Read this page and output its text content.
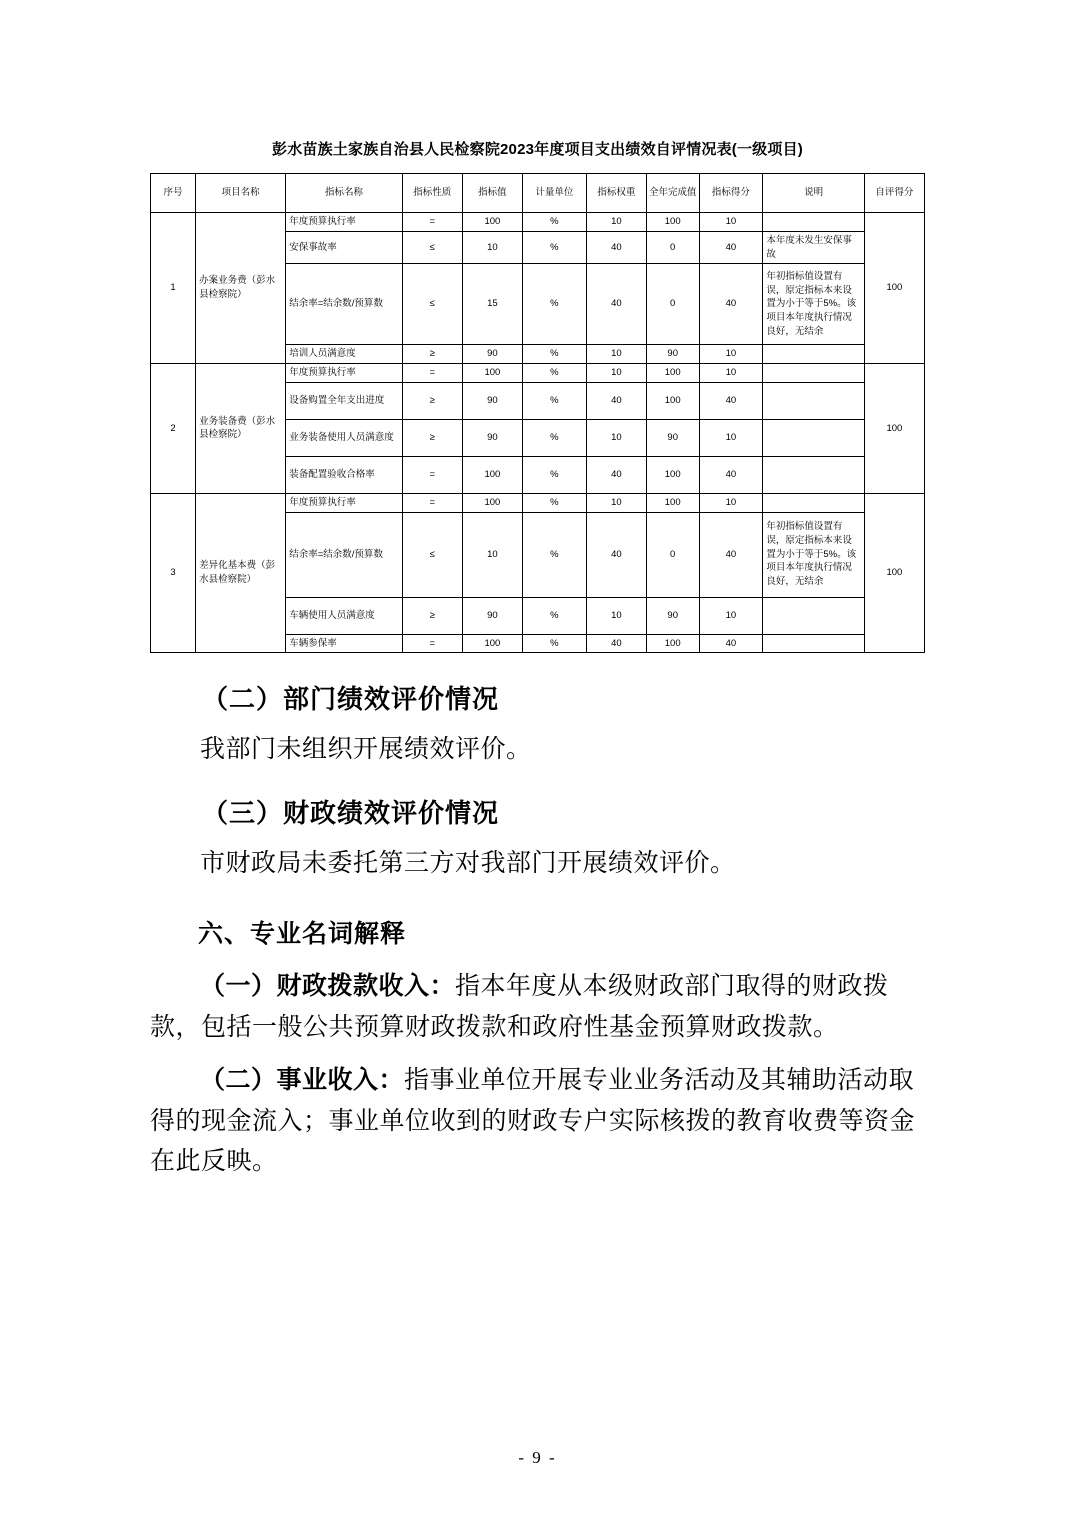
彭水苗族土家族自治县人民检察院2023年度项目支出绩效自评情况表(一级项目)
序号	项目名称	指标名称	指标性质	指标值	计量单位	指标权重	全年完成值	指标得分	说明	自评得分
1	办案业务费（彭水县检察院）	年度预算执行率	=	100	%	10	100	10		100
		安保事故率	≤	10	%	40	0	40	本年度未发生安保事故	
		结余率=结余数/预算数	≤	15	%	40	0	40	年初指标值设置有误，原定指标本来设置为小于等于5%。该项目本年度执行情况良好，无结余	
		培训人员满意度	≥	90	%	10	90	10		
2	业务装备费（彭水县检察院）	年度预算执行率	=	100	%	10	100	10		100
		设备购置全年支出进度	≥	90	%	40	100	40		
		业务装备使用人员满意度	≥	90	%	10	90	10		
		装备配置验收合格率	=	100	%	40	100	40		
3	差异化基本费（彭水县检察院）	年度预算执行率	=	100	%	10	100	10		100
		结余率=结余数/预算数	≤	10	%	40	0	40	年初指标值设置有误，原定指标本来设置为小于等于5%。该项目本年度执行情况良好，无结余	
		车辆使用人员满意度	≥	90	%	10	90	10		
		车辆参保率	=	100	%	40	100	40		
（二）部门绩效评价情况

我部门未组织开展绩效评价。

（三）财政绩效评价情况

市财政局未委托第三方对我部门开展绩效评价。

六、专业名词解释

（一）财政拨款收入：指本年度从本级财政部门取得的财政拨款，包括一般公共预算财政拨款和政府性基金预算财政拨款。

（二）事业收入：指事业单位开展专业业务活动及其辅助活动取得的现金流入；事业单位收到的财政专户实际核拨的教育收费等资金在此反映。

- 9 -
